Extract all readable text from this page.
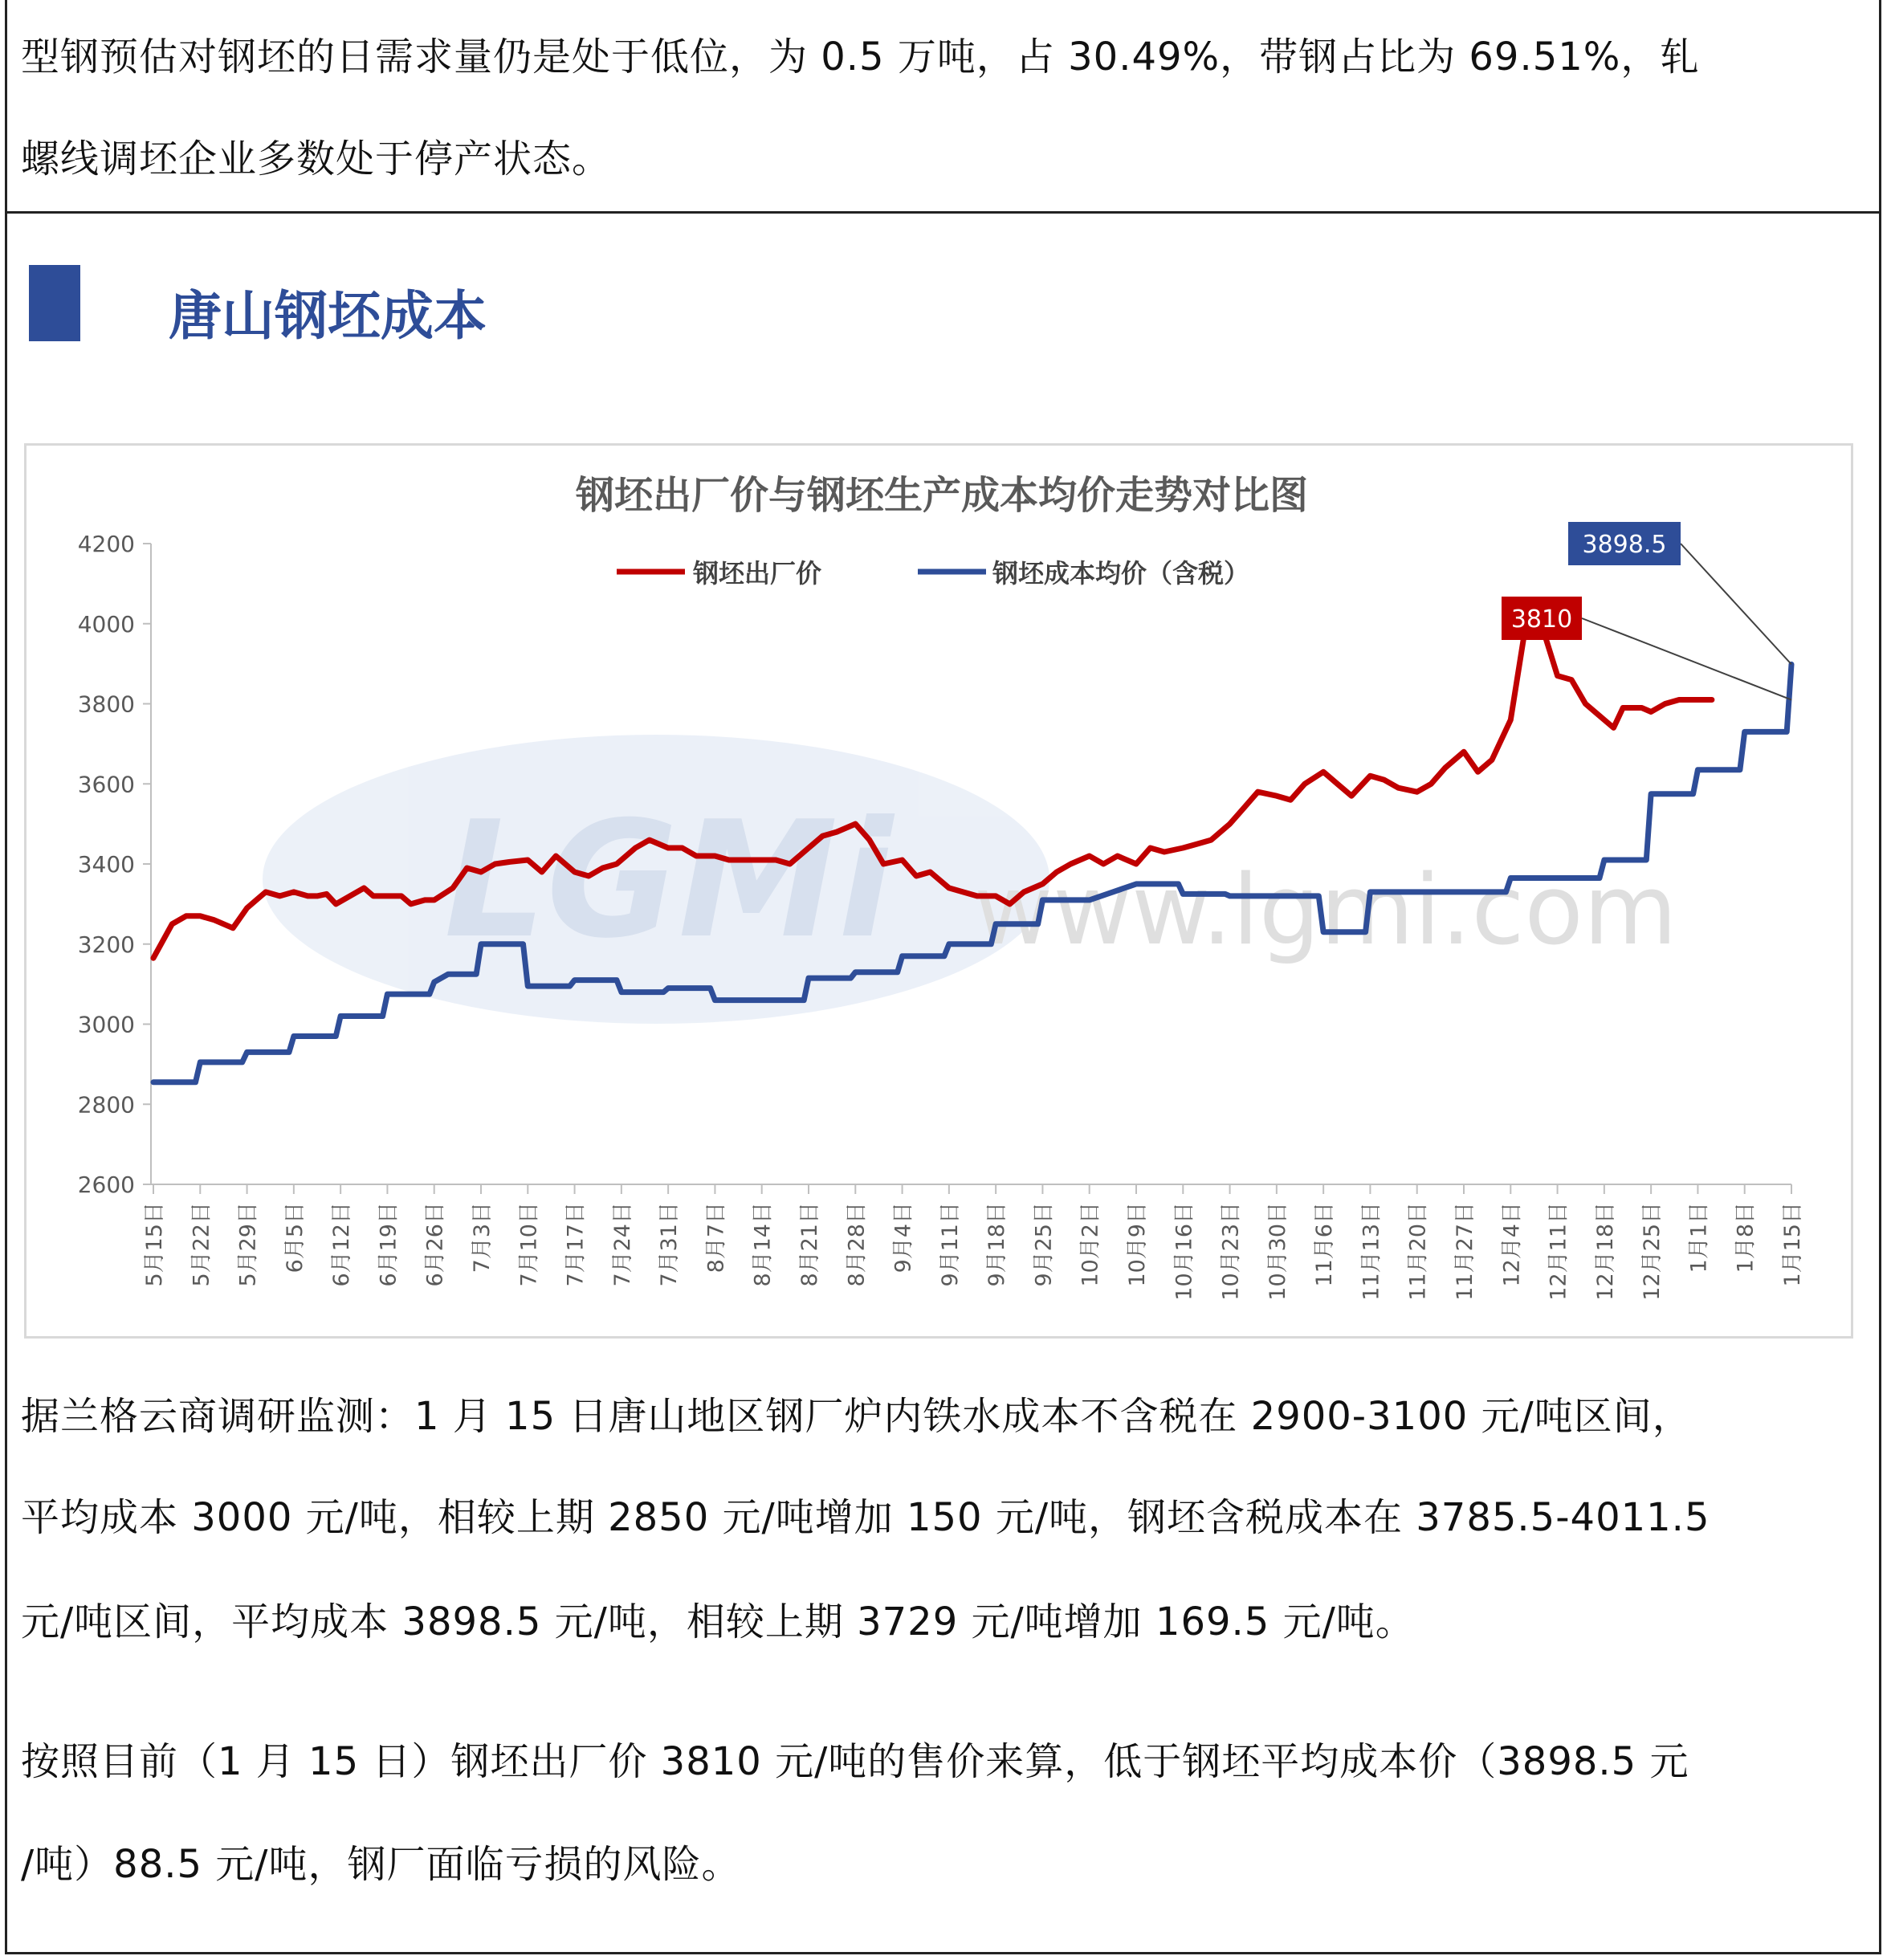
型钢预估对钢坯的日需求量仍是处于低位，为 0.5 万吨，占 30.49%，带钢占比为 69.51%，轧
螺线调坯企业多数处于停产状态。
唐山钢坯成本
LGMi www.lgmi.com
钢坯出厂价与钢坯生产成本均价走势对比图
钢坯出厂价	钢坯成本均价（含税）
2600
2800
3000
3200
3400
3600
3800
4000
4200
5月15日 5月22日 5月29日 6月5日 6月12日 6月19日 6月26日 7月3日 7月10日 7月17日 7月24日 7月31日 8月7日 8月14日 8月21日 8月28日 9月4日 9月11日 9月18日 9月25日 10月2日 10月9日 10月16日 10月23日 10月30日 11月6日 11月13日 11月20日 11月27日 12月4日 12月11日 12月18日 12月25日 1月1日 1月8日 1月15日
3898.5
3810
据兰格云商调研监测：1 月 15 日唐山地区钢厂炉内铁水成本不含税在 2900-3100 元/吨区间，
平均成本 3000 元/吨，相较上期 2850 元/吨增加 150 元/吨，钢坯含税成本在 3785.5-4011.5
元/吨区间，平均成本 3898.5 元/吨，相较上期 3729 元/吨增加 169.5 元/吨。
按照目前（1 月 15 日）钢坯出厂价 3810 元/吨的售价来算，低于钢坯平均成本价（3898.5 元
/吨）88.5 元/吨，钢厂面临亏损的风险。
